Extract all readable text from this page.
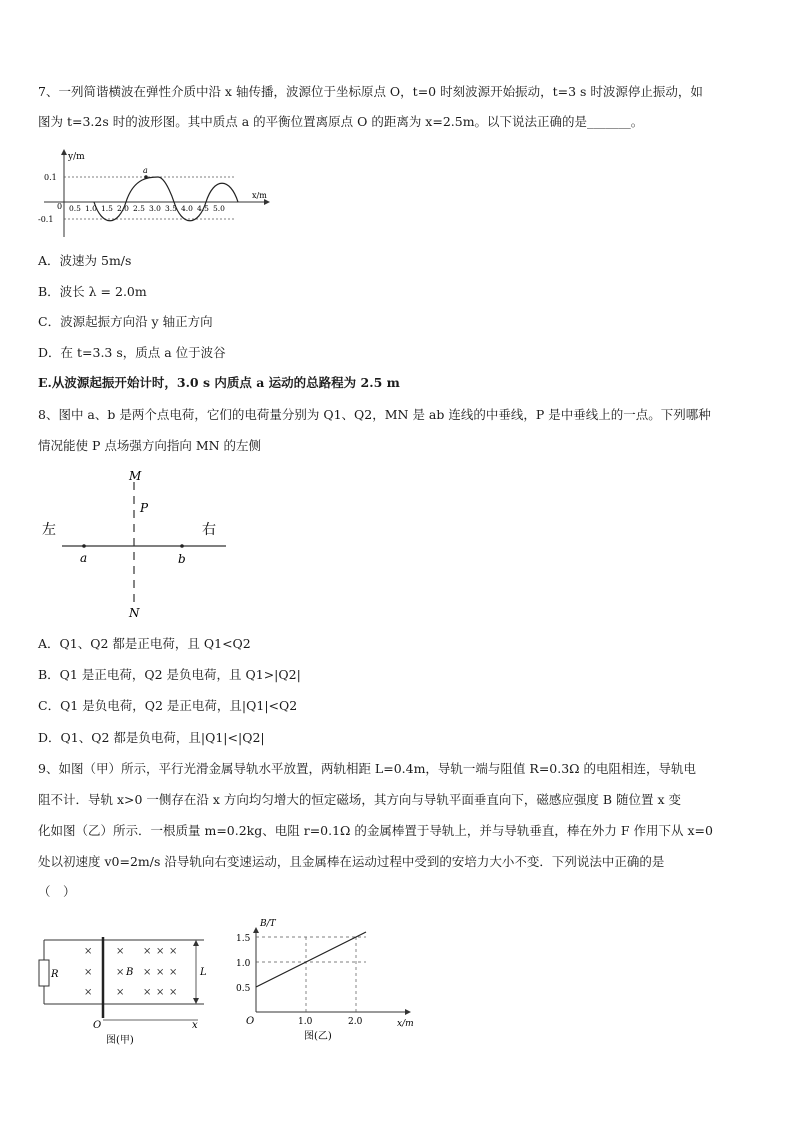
7、一列简谐横波在弹性介质中沿 x 轴传播，波源位于坐标原点 O，t=0 时刻波源开始振动，t=3 s 时波源停止振动，如
图为 t=3.2s 时的波形图。其中质点 a 的平衡位置离原点 O 的距离为 x=2.5m。以下说法正确的是_______。
y/m
x/m
0
0.1
-0.1
a
0.5 1.0 1.5 2.0 2.5 3.0 3.5 4.0 4.5 5.0
A．波速为 5m/s
B．波长 λ = 2.0m
C．波源起振方向沿 y 轴正方向
D．在 t=3.3 s，质点 a 位于波谷
E.从波源起振开始计时，3.0 s 内质点 a 运动的总路程为 2.5 m
8、图中 a、b 是两个点电荷，它们的电荷量分别为 Q1、Q2，MN 是 ab 连线的中垂线，P 是中垂线上的一点。下列哪种
情况能使 P 点场强方向指向 MN 的左侧
M
N
P
左	右
a	b
A．Q1、Q2 都是正电荷，且 Q1<Q2
B．Q1 是正电荷，Q2 是负电荷，且 Q1>|Q2|
C．Q1 是负电荷，Q2 是正电荷，且|Q1|<Q2
D．Q1、Q2 都是负电荷，且|Q1|<|Q2|
9、如图（甲）所示，平行光滑金属导轨水平放置，两轨相距 L=0.4m，导轨一端与阻值 R=0.3Ω 的电阻相连，导轨电
阻不计．导轨 x>0 一侧存在沿 x 方向均匀增大的恒定磁场，其方向与导轨平面垂直向下，磁感应强度 B 随位置 x 变
化如图（乙）所示．一根质量 m=0.2kg、电阻 r=0.1Ω 的金属棒置于导轨上，并与导轨垂直，棒在外力 F 作用下从 x=0
处以初速度 v0=2m/s 沿导轨向右变速运动，且金属棒在运动过程中受到的安培力大小不变．下列说法中正确的是
（　）
R
O	x
×
×
×
×
×
×
× × ×
× × ×
× × ×
B	L
图(甲)
0.5
1.0
1.5
1.0	2.0
B/T
x/m
O
图(乙)
